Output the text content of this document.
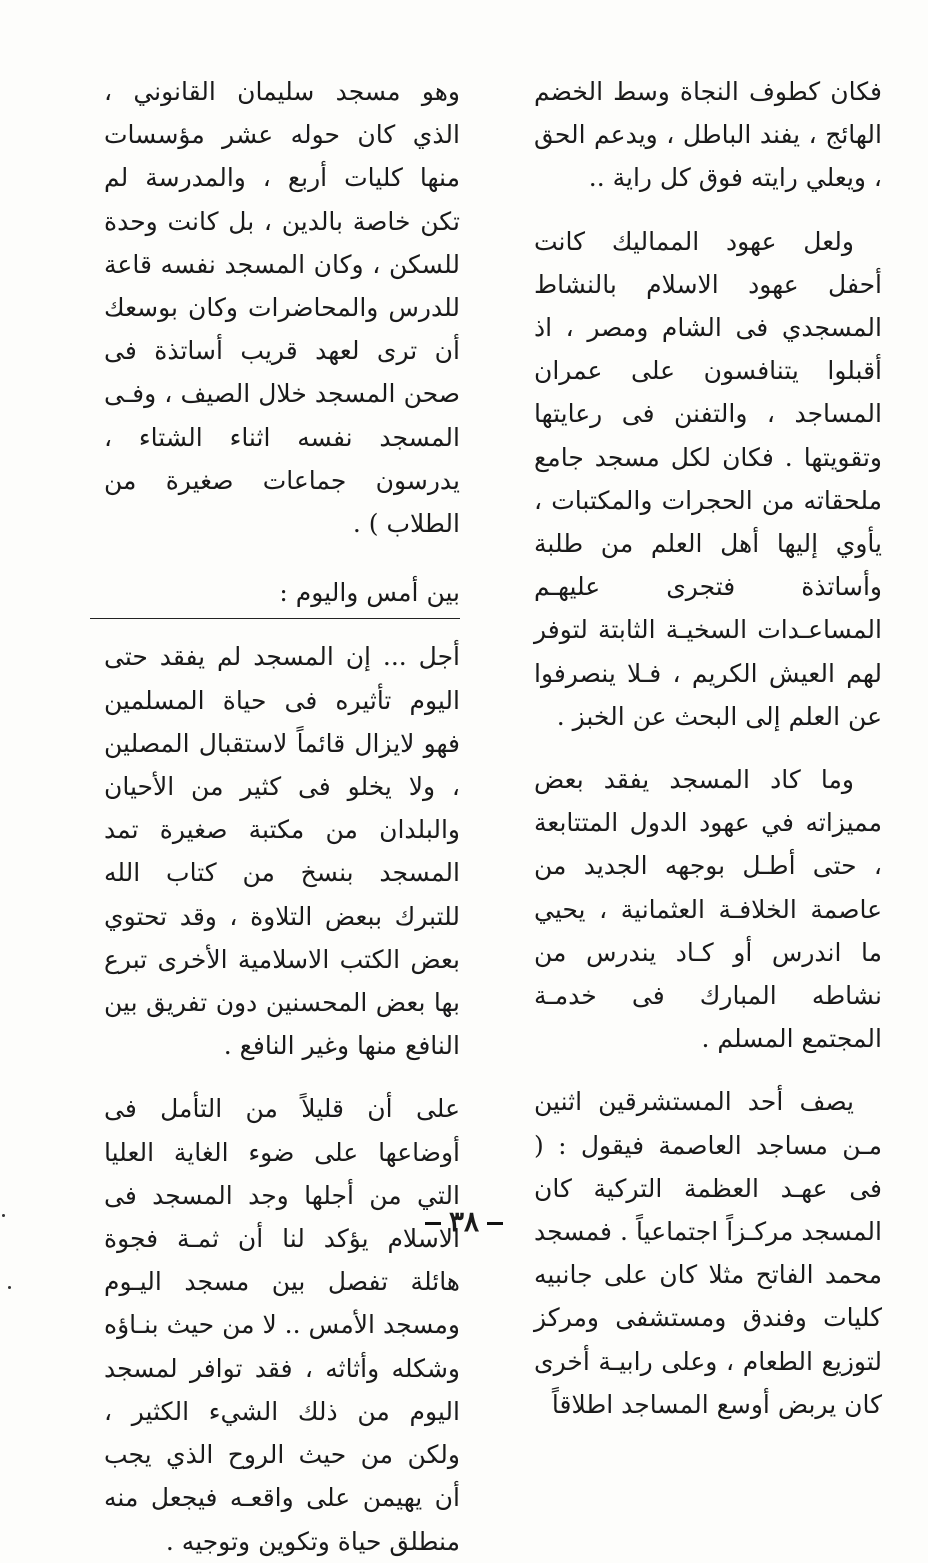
فكان كطوف النجاة وسط الخضم الهائج ، يفند الباطل ، ويدعم الحق ، ويعلي رايته فوق كل راية ..

ولعل عهود المماليك كانت أحفل عهود الاسلام بالنشاط المسجدي فى الشام ومصر ، اذ أقبلوا يتنافسون على عمران المساجد ، والتفنن فى رعايتها وتقويتها . فكان لكل مسجد جامع ملحقاته من الحجرات والمكتبات ، يأوي إليها أهل العلم من طلبة وأساتذة فتجرى عليهـم المساعـدات السخيـة الثابتة لتوفر لهم العيش الكريم ، فـلا ينصرفوا عن العلم إلى البحث عن الخبز .

وما كاد المسجد يفقد بعض مميزاته في عهود الدول المتتابعة ، حتى أطـل بوجهه الجديد من عاصمة الخلافـة العثمانية ، يحيي ما اندرس أو كـاد يندرس من نشاطه المبارك فى خدمـة المجتمع المسلم .

يصف أحد المستشرقين اثنين مـن مساجد العاصمة فيقول : ( فى عهـد العظمة التركية كان المسجد مركـزاً اجتماعياً . فمسجد محمد الفاتح مثلا كان على جانبيه كليات وفندق ومستشفى ومركز لتوزيع الطعام ، وعلى رابيـة أخرى كان يربض أوسع المساجد اطلاقاً

وهو مسجد سليمان القانوني ، الذي كان حوله عشر مؤسسات منها كليات أربع ، والمدرسة لم تكن خاصة بالدين ، بل كانت وحدة للسكن ، وكان المسجد نفسه قاعة للدرس والمحاضرات وكان بوسعك أن ترى لعهد قريب أساتذة فى صحن المسجد خلال الصيف ، وفـى المسجد نفسه اثناء الشتاء ، يدرسون جماعات صغيرة من الطلاب ) .

بين أمس واليوم :

أجل ... إن المسجد لم يفقد حتى اليوم تأثيره فى حياة المسلمين فهو لايزال قائماً لاستقبال المصلين ، ولا يخلو فى كثير من الأحيان والبلدان من مكتبة صغيرة تمد المسجد بنسخ من كتاب الله للتبرك ببعض التلاوة ، وقد تحتوي بعض الكتب الاسلامية الأخرى تبرع بها بعض المحسنين دون تفريق بين النافع منها وغير النافع .

على أن قليلاً من التأمل فى أوضاعها على ضوء الغاية العليا التي من أجلها وجد المسجد فى الاسلام يؤكد لنا أن ثمـة فجوة هائلة تفصل بين مسجد اليـوم ومسجد الأمس .. لا من حيث بنـاؤه وشكله وأثاثه ، فقد توافر لمسجد اليوم من ذلك الشيء الكثير ، ولكن من حيث الروح الذي يجب أن يهيمن على واقعـه فيجعل منه منطلق حياة وتكوين وتوجيه .

٣٨
